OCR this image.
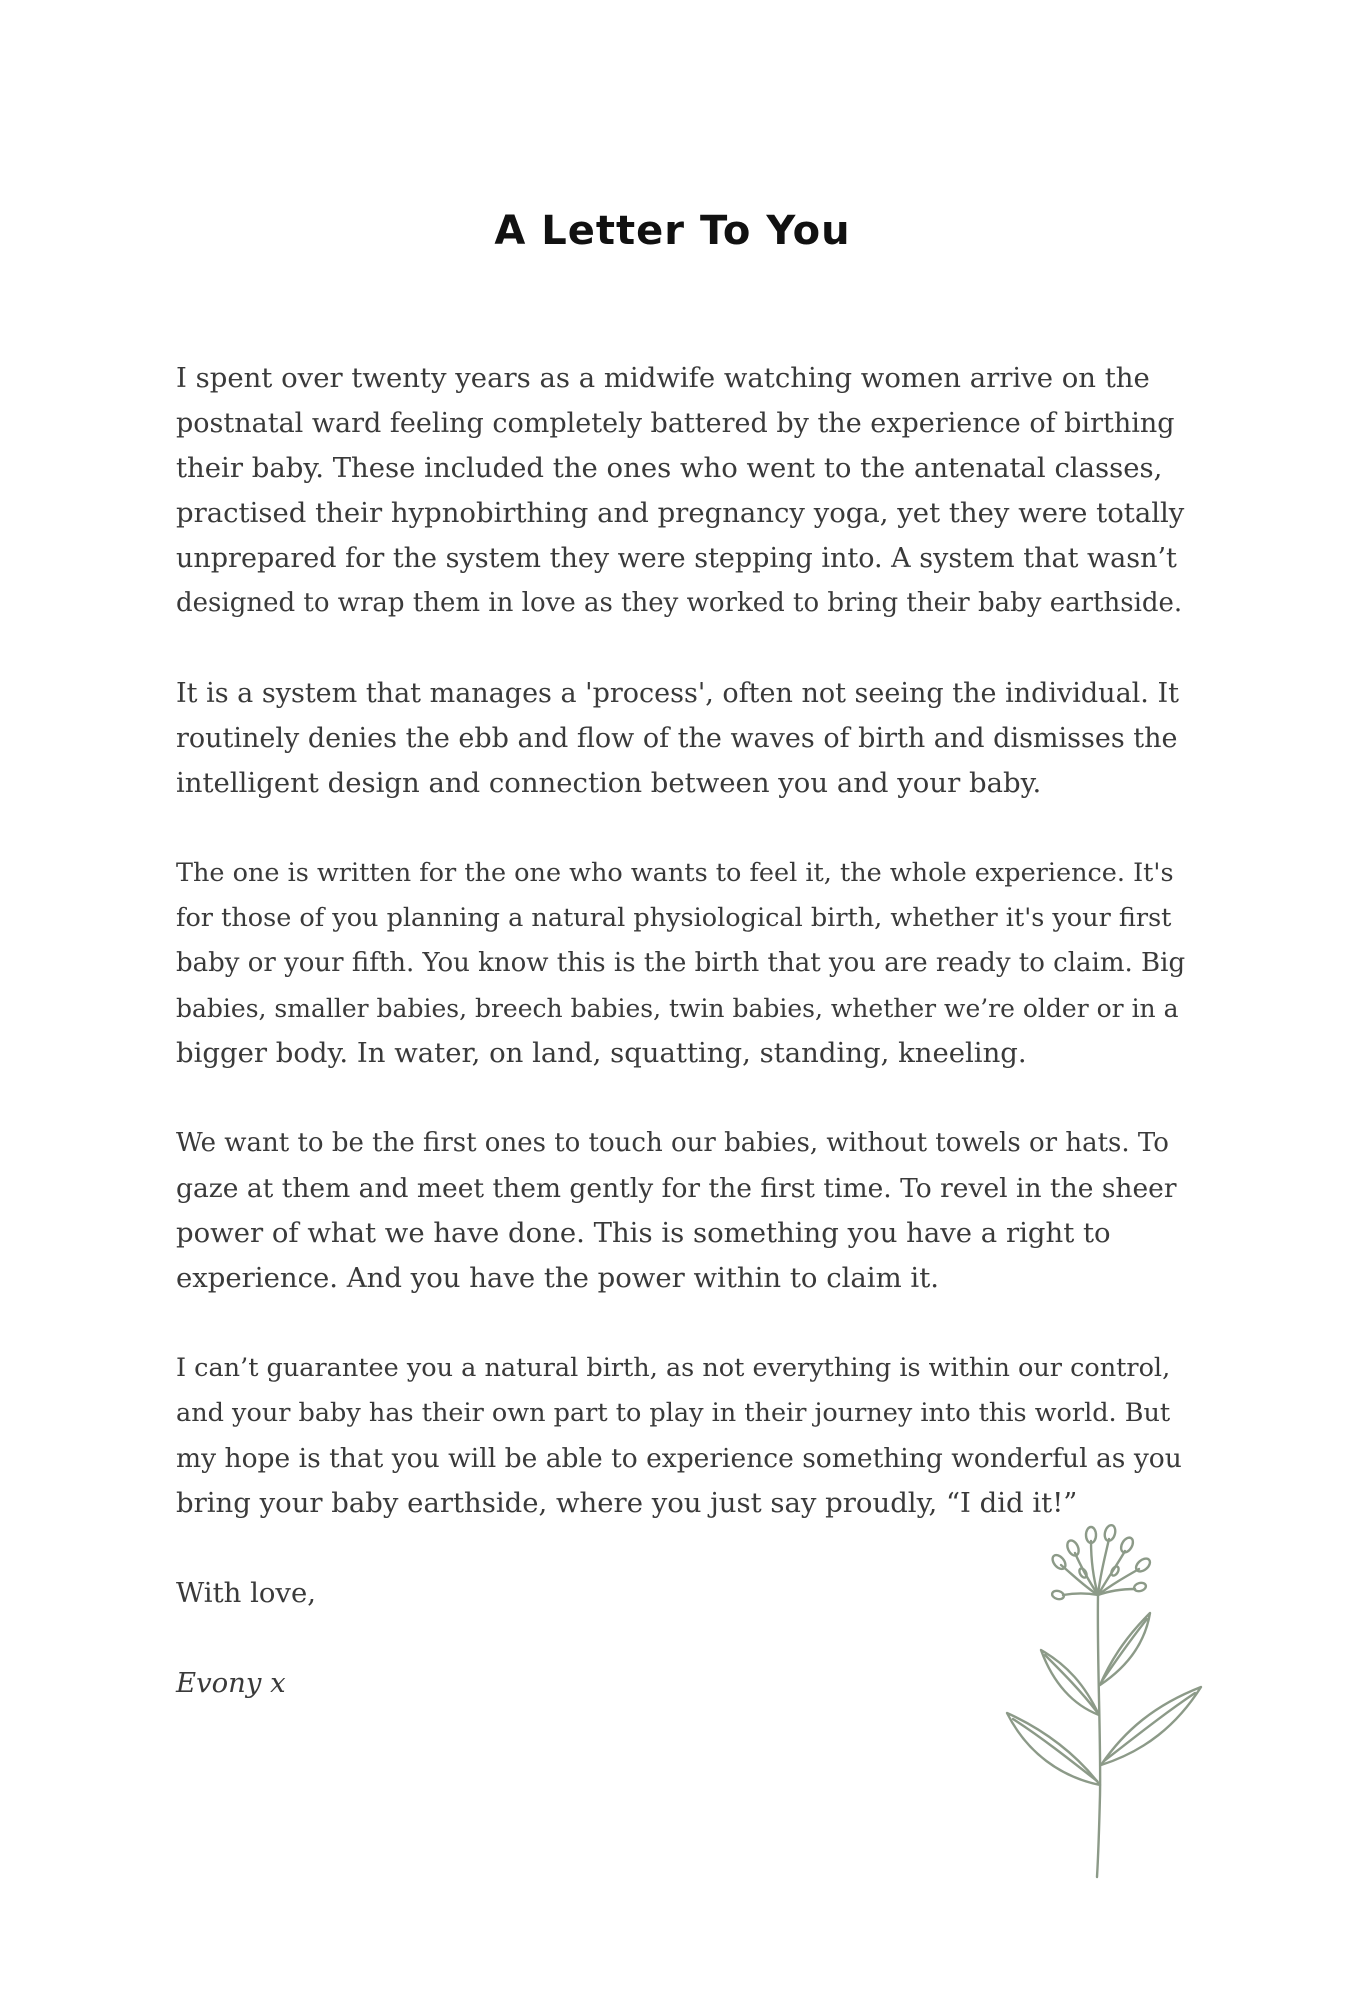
A Letter To You

I spent over twenty years as a midwife watching women arrive on the
postnatal ward feeling completely battered by the experience of birthing
their baby. These included the ones who went to the antenatal classes,
practised their hypnobirthing and pregnancy yoga, yet they were totally
unprepared for the system they were stepping into. A system that wasn’t
designed to wrap them in love as they worked to bring their baby earthside.

It is a system that manages a 'process', often not seeing the individual. It
routinely denies the ebb and flow of the waves of birth and dismisses the
intelligent design and connection between you and your baby.

The one is written for the one who wants to feel it, the whole experience. It's
for those of you planning a natural physiological birth, whether it's your first
baby or your fifth. You know this is the birth that you are ready to claim. Big
babies, smaller babies, breech babies, twin babies, whether we’re older or in a
bigger body. In water, on land, squatting, standing, kneeling.

We want to be the first ones to touch our babies, without towels or hats. To
gaze at them and meet them gently for the first time. To revel in the sheer
power of what we have done. This is something you have a right to
experience. And you have the power within to claim it.

I can’t guarantee you a natural birth, as not everything is within our control,
and your baby has their own part to play in their journey into this world. But
my hope is that you will be able to experience something wonderful as you
bring your baby earthside, where you just say proudly, “I did it!”

With love,

Evony x
